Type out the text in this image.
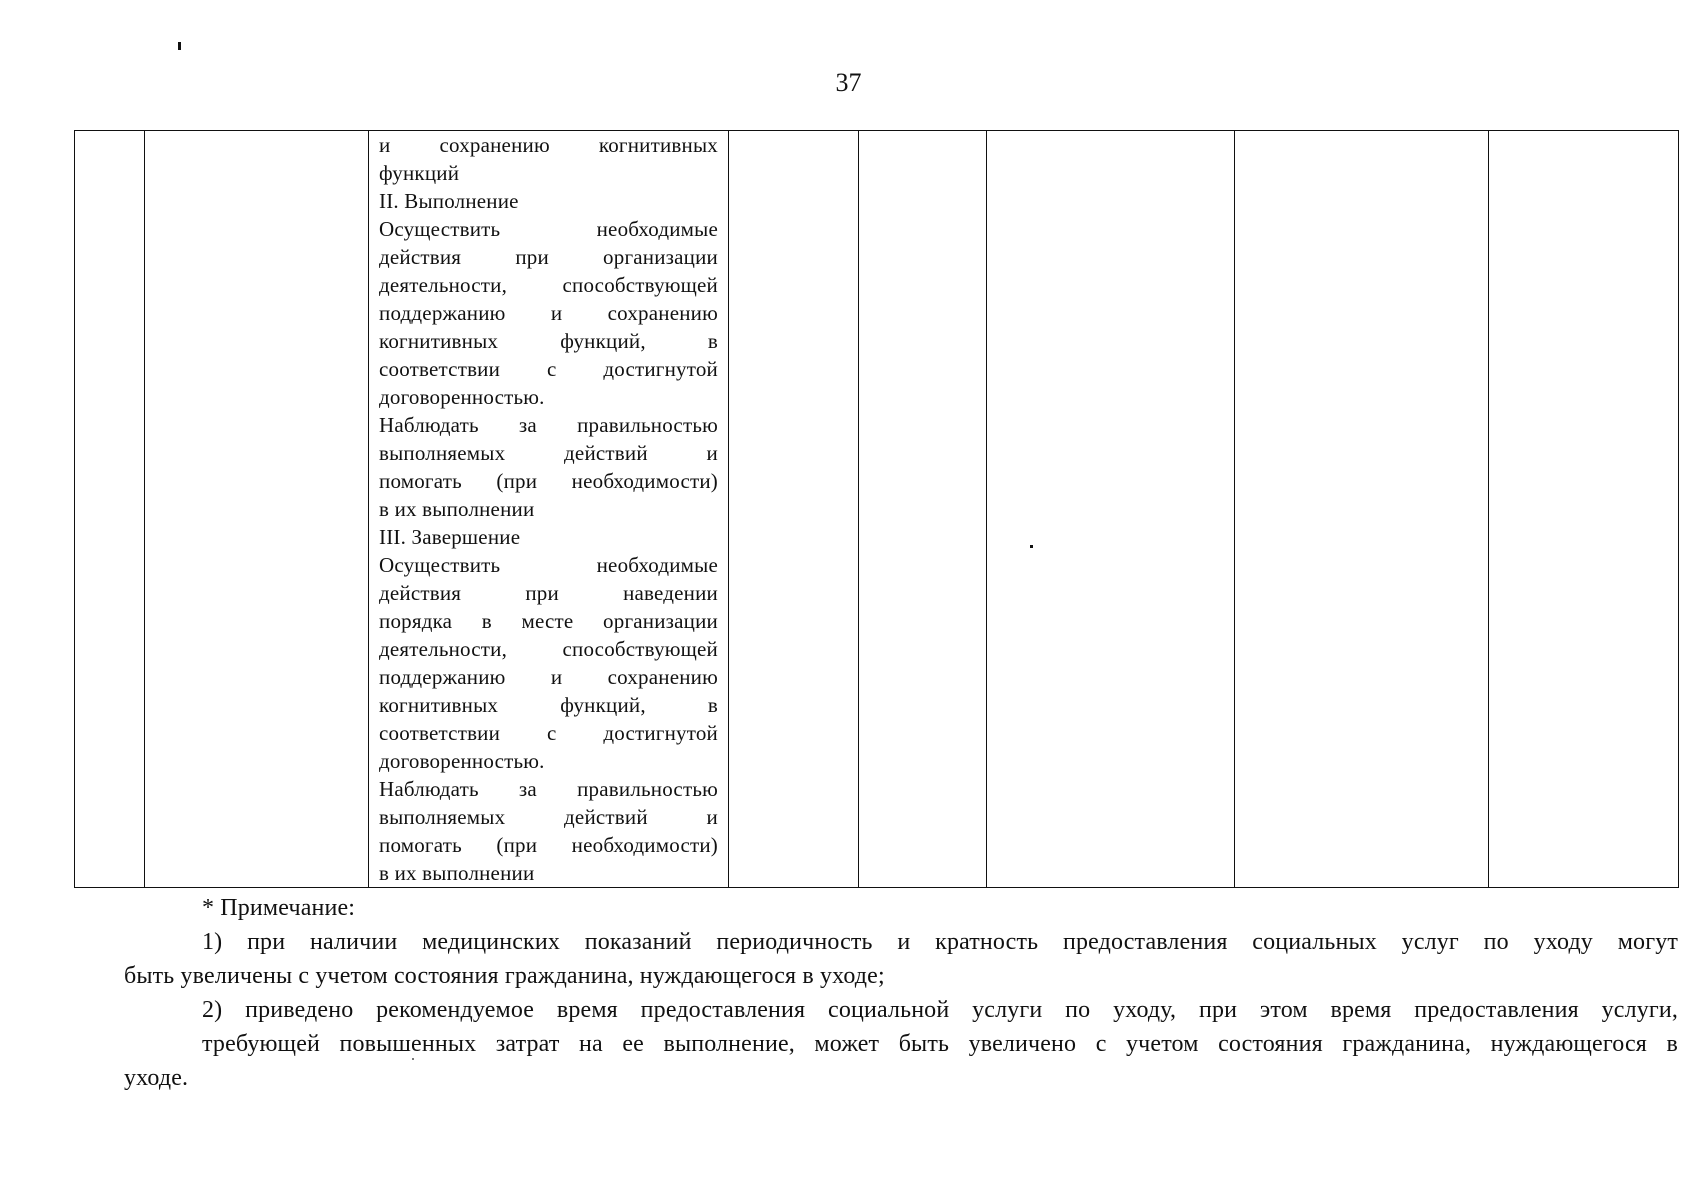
37

и сохранению когнитивных
функций
II. Выполнение
Осуществить необходимые
действия при организации
деятельности, способствующей
поддержанию и сохранению
когнитивных функций, в
соответствии с достигнутой
договоренностью.
Наблюдать за правильностью
выполняемых действий и
помогать (при необходимости)
в их выполнении
III. Завершение
Осуществить необходимые
действия при наведении
порядка в месте организации
деятельности, способствующей
поддержанию и сохранению
когнитивных функций, в
соответствии с достигнутой
договоренностью.
Наблюдать за правильностью
выполняемых действий и
помогать (при необходимости)
в их выполнении

* Примечание:
1) при наличии медицинских показаний периодичность и кратность предоставления социальных услуг по уходу могут
быть увеличены с учетом состояния гражданина, нуждающегося в уходе;
2) приведено рекомендуемое время предоставления социальной услуги по уходу, при этом время предоставления услуги,
требующей повышенных затрат на ее выполнение, может быть увеличено с учетом состояния гражданина, нуждающегося в
уходе.
